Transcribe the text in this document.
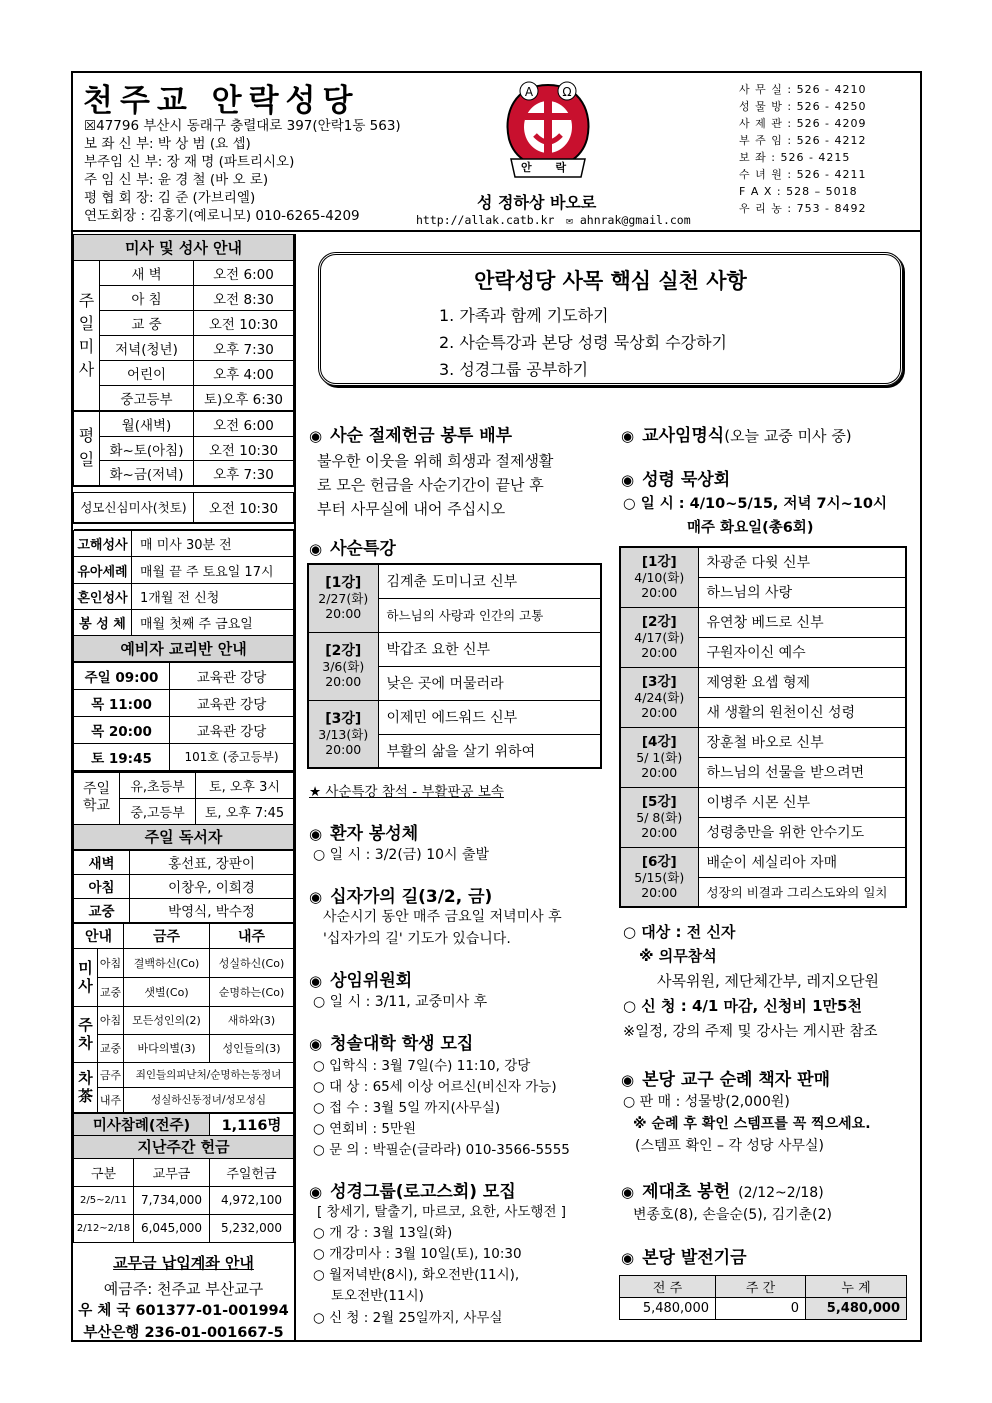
천주교 안락성당
☒47796 부산시 동래구 충렬대로 397(안락1동 563)
보 좌 신 부: 박 상 범 (요 셉)
부주임 신 부: 장 재 명 (파트리시오)
주 임 신 부: 윤 경 철 (바 오 로)
평 협 회 장: 김 준 (가브리엘)
연도회장 : 김홍기(예로니모) 010-6265-4209
A Ω
안 락
성 정하상 바오로
http://allak.catb.kr ✉ ahnrak@gmail.com
사 무 실 : 526 - 4210
성 물 방 : 526 - 4250
사 제 관 : 526 - 4209
부 주 임 : 526 - 4212
보 좌 : 526 - 4215
수 녀 원 : 526 - 4211
F A X : 528 – 5018
우 리 농 : 753 - 8492
미사 및 성사 안내		
주 일 미 사	새 벽	오전 6:00
	아 침	오전 8:30
	교 중	오전 10:30
	저녁(청년)	오후 7:30
	어린이	오후 4:00
	중고등부	토)오후 6:30
평 일	월(새벽)	오전 6:00
	화~토(아침)	오전 10:30
	화~금(저녁)	오후 7:30

성모신심미사(첫토)		오전 10:30

고해성사	매 미사 30분 전
유아세례	매월 끝 주 토요일 17시
혼인성사	1개월 전 신청
봉 성 체	매월 첫째 주 금요일
예비자 교리반 안내	
주일 09:00	교육관 강당
목 11:00	교육관 강당
목 20:00	교육관 강당
토 19:45	101호 (중고등부)
주일 학교	유,초등부	토, 오후 3시
	중,고등부	토, 오후 7:45
주일 독서자		
새벽	홍선표, 장판이
아침	이창우, 이희경
교중	박영식, 박수정
안내		금주	내주
미 사	아침	결백하신(Co)	성실하신(Co)
	교중	샛별(Co)	순명하는(Co)
주 차	아침	모든성인의(2)	새하와(3)
	교중	바다의별(3)	성인들의(3)
차 茶	금주	죄인들의피난처/순명하는동정녀	
	내주	성실하신동정녀/성모성심	
미사참례(전주)		1,116명
지난주간 헌금		
구분	교무금	주일헌금
2/5~2/11	7,734,000	4,972,100
2/12~2/18	6,045,000	5,232,000
교무금 납입계좌 안내
예금주: 천주교 부산교구
우 체 국 601377-01-001994
부산은행 236-01-001667-5
안락성당 사목 핵심 실천 사항
1. 가족과 함께 기도하기
2. 사순특강과 본당 성령 묵상회 수강하기
3. 성경그룹 공부하기
◉ 사순 절제헌금 봉투 배부
불우한 이웃을 위해 희생과 절제생활
로 모은 헌금을 사순기간이 끝난 후
부터 사무실에 내어 주십시오
◉ 사순특강
[1강]
2/27(화)
20:00	김계춘 도미니코 신부
	하느님의 사랑과 인간의 고통
[2강]
3/6(화)
20:00	박갑조 요한 신부
	낮은 곳에 머물러라
[3강]
3/13(화)
20:00	이제민 에드워드 신부
	부활의 삶을 살기 위하여
★ 사순특강 참석 - 부활판공 보속
◉ 환자 봉성체
○ 일 시 : 3/2(금) 10시 출발
◉ 십자가의 길(3/2, 금)
사순시기 동안 매주 금요일 저녁미사 후
'십자가의 길' 기도가 있습니다.
◉ 상임위원회
○ 일 시 : 3/11, 교중미사 후
◉ 청솔대학 학생 모집
○ 입학식 : 3월 7일(수) 11:10, 강당
○ 대 상 : 65세 이상 어르신(비신자 가능)
○ 접 수 : 3월 5일 까지(사무실)
○ 연회비 : 5만원
○ 문 의 : 박필순(글라라) 010-3566-5555
◉ 성경그룹(로고스회) 모집
[ 창세기, 탈출기, 마르코, 요한, 사도행전 ]
○ 개 강 : 3월 13일(화)
○ 개강미사 : 3월 10일(토), 10:30
○ 월저녁반(8시), 화오전반(11시),
토오전반(11시)
○ 신 청 : 2월 25일까지, 사무실
◉ 교사임명식(오늘 교중 미사 중)
◉ 성령 묵상회
○ 일 시 : 4/10~5/15, 저녁 7시~10시
매주 화요일(총6회)
[1강]
4/10(화)
20:00	차광준 다윗 신부
	하느님의 사랑
[2강]
4/17(화)
20:00	유연창 베드로 신부
	구원자이신 예수
[3강]
4/24(화)
20:00	제영환 요셉 형제
	새 생활의 원천이신 성령
[4강]
5/ 1(화)
20:00	장훈철 바오로 신부
	하느님의 선물을 받으려면
[5강]
5/ 8(화)
20:00	이병주 시몬 신부
	성령충만을 위한 안수기도
[6강]
5/15(화)
20:00	배순이 세실리아 자매
	성장의 비결과 그리스도와의 일치
○ 대상 : 전 신자
※ 의무참석
사목위원, 제단체간부, 레지오단원
○ 신 청 : 4/1 마감, 신청비 1만5천
※일정, 강의 주제 및 강사는 게시판 참조
◉ 본당 교구 순례 책자 판매
○ 판 매 : 성물방(2,000원)
※ 순례 후 확인 스템프를 꼭 찍으세요.
(스템프 확인 – 각 성당 사무실)
◉ 제대초 봉헌 (2/12~2/18)
변종호(8), 손을순(5), 김기춘(2)
◉ 본당 발전기금
전 주	주 간	누 계
5,480,000	0	5,480,000
